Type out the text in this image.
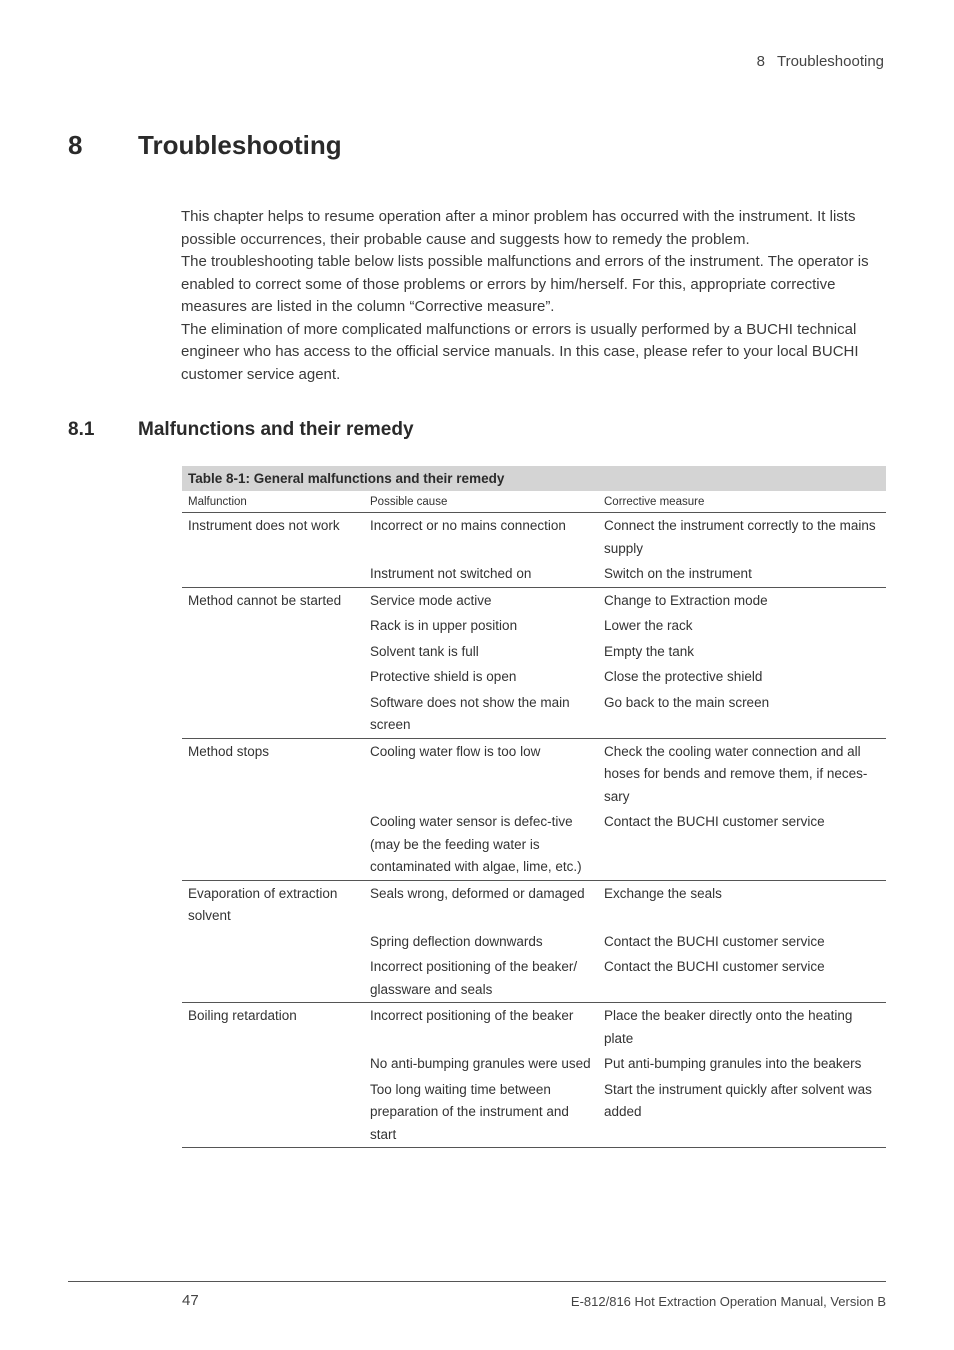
8 Troubleshooting
8 Troubleshooting

This chapter helps to resume operation after a minor problem has occurred with the instrument. It lists possible occurrences, their probable cause and suggests how to remedy the problem.

The troubleshooting table below lists possible malfunctions and errors of the instrument. The operator is enabled to correct some of those problems or errors by him/herself. For this, appropriate corrective measures are listed in the column “Corrective measure”.

The elimination of more complicated malfunctions or errors is usually performed by a BUCHI technical engineer who has access to the official service manuals. In this case, please refer to your local BUCHI customer service agent.

8.1 Malfunctions and their remedy
Table 8-1: General malfunctions and their remedy
Malfunction	Possible cause	Corrective measure
Instrument does not work	Incorrect or no mains connection	Connect the instrument correctly to the mains supply
	Instrument not switched on	Switch on the instrument
Method cannot be started	Service mode active	Change to Extraction mode
	Rack is in upper position	Lower the rack
	Solvent tank is full	Empty the tank
	Protective shield is open	Close the protective shield
	Software does not show the main screen	Go back to the main screen
Method stops	Cooling water flow is too low	Check the cooling water connection and all hoses for bends and remove them, if neces-sary
	Cooling water sensor is defec-tive (may be the feeding water is contaminated with algae, lime, etc.)	Contact the BUCHI customer service
Evaporation of extraction solvent	Seals wrong, deformed or damaged	Exchange the seals
	Spring deflection downwards	Contact the BUCHI customer service
	Incorrect positioning of the beaker/ glassware and seals	Contact the BUCHI customer service
Boiling retardation	Incorrect positioning of the beaker	Place the beaker directly onto the heating plate
	No anti-bumping granules were used	Put anti-bumping granules into the beakers
	Too long waiting time between preparation of the instrument and start	Start the instrument quickly after solvent was added
47	E-812/816 Hot Extraction Operation Manual, Version B
